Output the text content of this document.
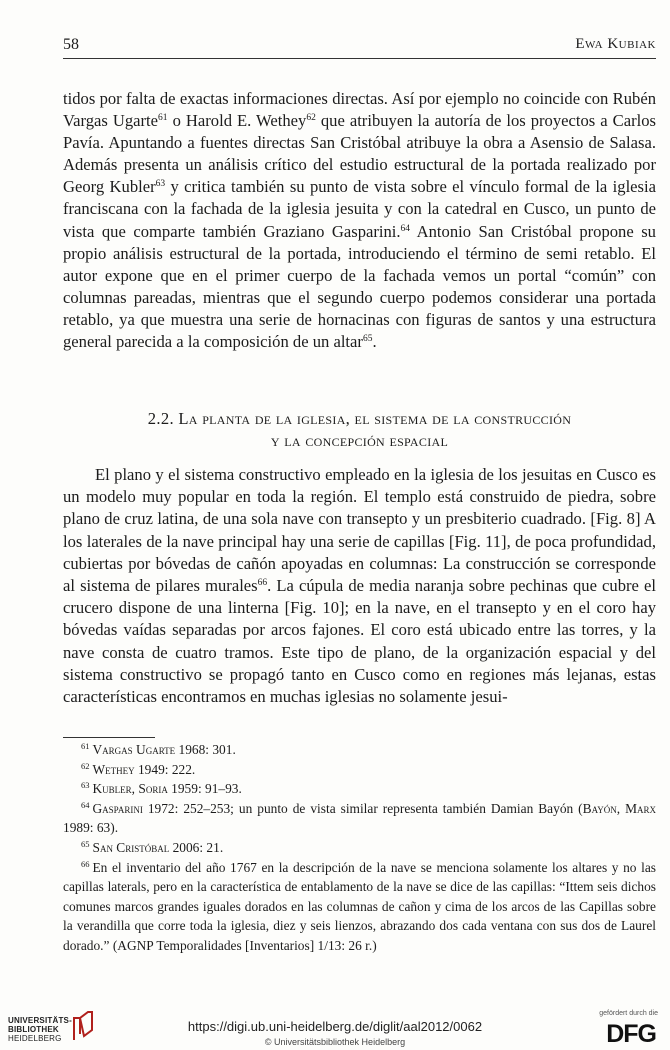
58	Ewa Kubiak

tidos por falta de exactas informaciones directas. Así por ejemplo no coincide con Rubén Vargas Ugarte$^{61}$ o Harold E. Wethey$^{62}$ que atribuyen la autoría de los proyectos a Carlos Pavía. Apuntando a fuentes directas San Cristóbal atribuye la obra a Asensio de Salasa. Además presenta un análisis crítico del estudio estructural de la portada realizado por Georg Kubler$^{63}$ y critica también su punto de vista sobre el vínculo formal de la iglesia franciscana con la fachada de la iglesia jesuita y con la catedral en Cusco, un punto de vista que comparte también Graziano Gasparini.$^{64}$ Antonio San Cristóbal propone su propio análisis estructural de la portada, introduciendo el término de semi retablo. El autor expone que en el primer cuerpo de la fachada vemos un portal “común” con columnas pareadas, mientras que el segundo cuerpo podemos considerar una portada retablo, ya que muestra una serie de hornacinas con figuras de santos y una estructura general parecida a la composición de un altar$^{65}$.

2.2. La planta de la iglesia, el sistema de la construcción
y la concepción espacial

El plano y el sistema constructivo empleado en la iglesia de los jesuitas en Cusco es un modelo muy popular en toda la región. El templo está construido de piedra, sobre plano de cruz latina, de una sola nave con transepto y un presbiterio cuadrado. [Fig. 8] A los laterales de la nave principal hay una serie de capillas [Fig. 11], de poca profundidad, cubiertas por bóvedas de cañón apoyadas en columnas: La construcción se corresponde al sistema de pilares murales$^{66}$. La cúpula de media naranja sobre pechinas que cubre el crucero dispone de una linterna [Fig. 10]; en la nave, en el transepto y en el coro hay bóvedas vaídas separadas por arcos fajones. El coro está ubicado entre las torres, y la nave consta de cuatro tramos. Este tipo de plano, de la organización espacial y del sistema constructivo se propagó tanto en Cusco como en regiones más lejanas, estas características encontramos en muchas iglesias no solamente jesui-

$^{61}$ Vargas Ugarte 1968: 301.

$^{62}$ Wethey 1949: 222.

$^{63}$ Kubler, Soria 1959: 91–93.

$^{64}$ Gasparini 1972: 252–253; un punto de vista similar representa también Damian Bayón (Bayón, Marx 1989: 63).

$^{65}$ San Cristóbal 2006: 21.

$^{66}$ En el inventario del año 1767 en la descripción de la nave se menciona solamente los altares y no las capillas laterals, pero en la característica de entablamento de la nave se dice de las capillas: “Ittem seis dichos comunes marcos grandes iguales dorados en las columnas de cañon y cima de los arcos de las Capillas sobre la verandilla que corre toda la iglesia, diez y seis lienzos, abrazando dos cada ventana con sus dos de Laurel dorado.” (AGNP Temporalidades [Inventarios] 1/13: 26 r.)

UNIVERSITÄTS-
BIBLIOTHEK
HEIDELBERG
https://digi.ub.uni-heidelberg.de/diglit/aal2012/0062
© Universitätsbibliothek Heidelberg
gefördert durch die
DFG
